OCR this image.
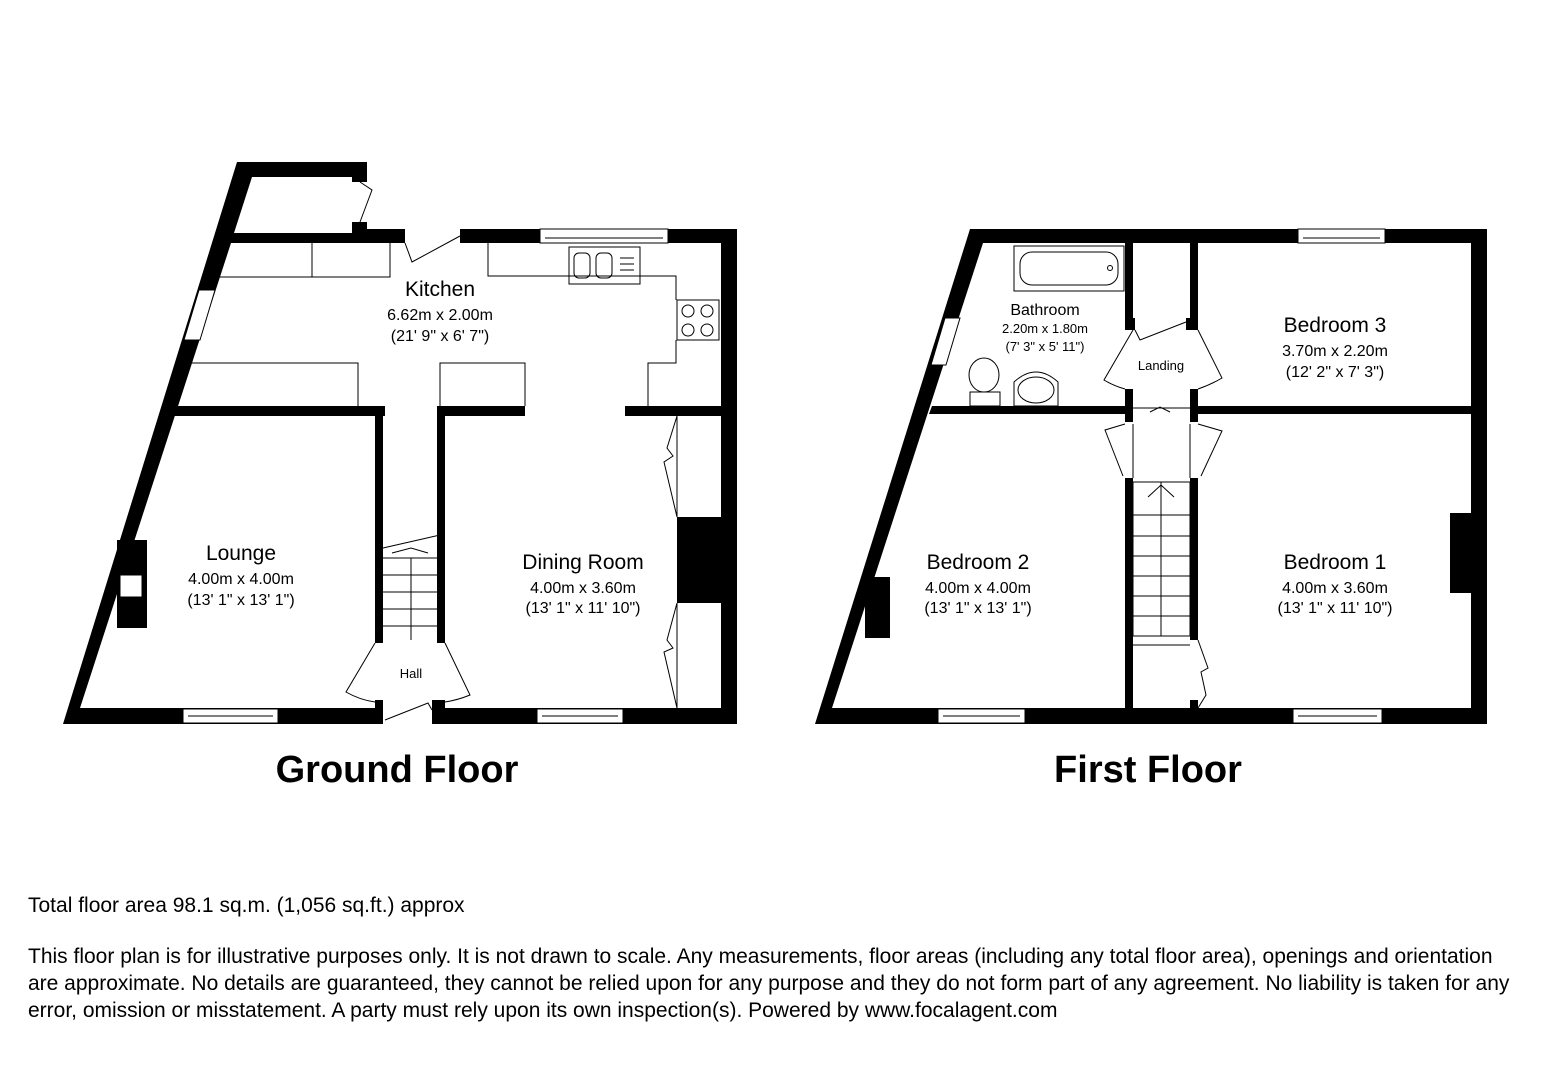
Kitchen
6.62m x 2.00m
(21' 9" x 6' 7")
Lounge
4.00m x 4.00m
(13' 1" x 13' 1")
Dining Room
4.00m x 3.60m
(13' 1" x 11' 10")
Hall
Ground Floor
Bathroom
2.20m x 1.80m
(7' 3" x 5' 11")
Landing
Bedroom 3
3.70m x 2.20m
(12' 2" x 7' 3")
Bedroom 2
4.00m x 4.00m
(13' 1" x 13' 1")
Bedroom 1
4.00m x 3.60m
(13' 1" x 11' 10")
First Floor
Total floor area 98.1 sq.m. (1,056 sq.ft.) approx
This floor plan is for illustrative purposes only. It is not drawn to scale. Any measurements, floor areas (including any total floor area), openings and orientation are approximate. No details are guaranteed, they cannot be relied upon for any purpose and they do not form part of any agreement. No liability is taken for any error, omission or misstatement. A party must rely upon its own inspection(s). Powered by www.focalagent.com
